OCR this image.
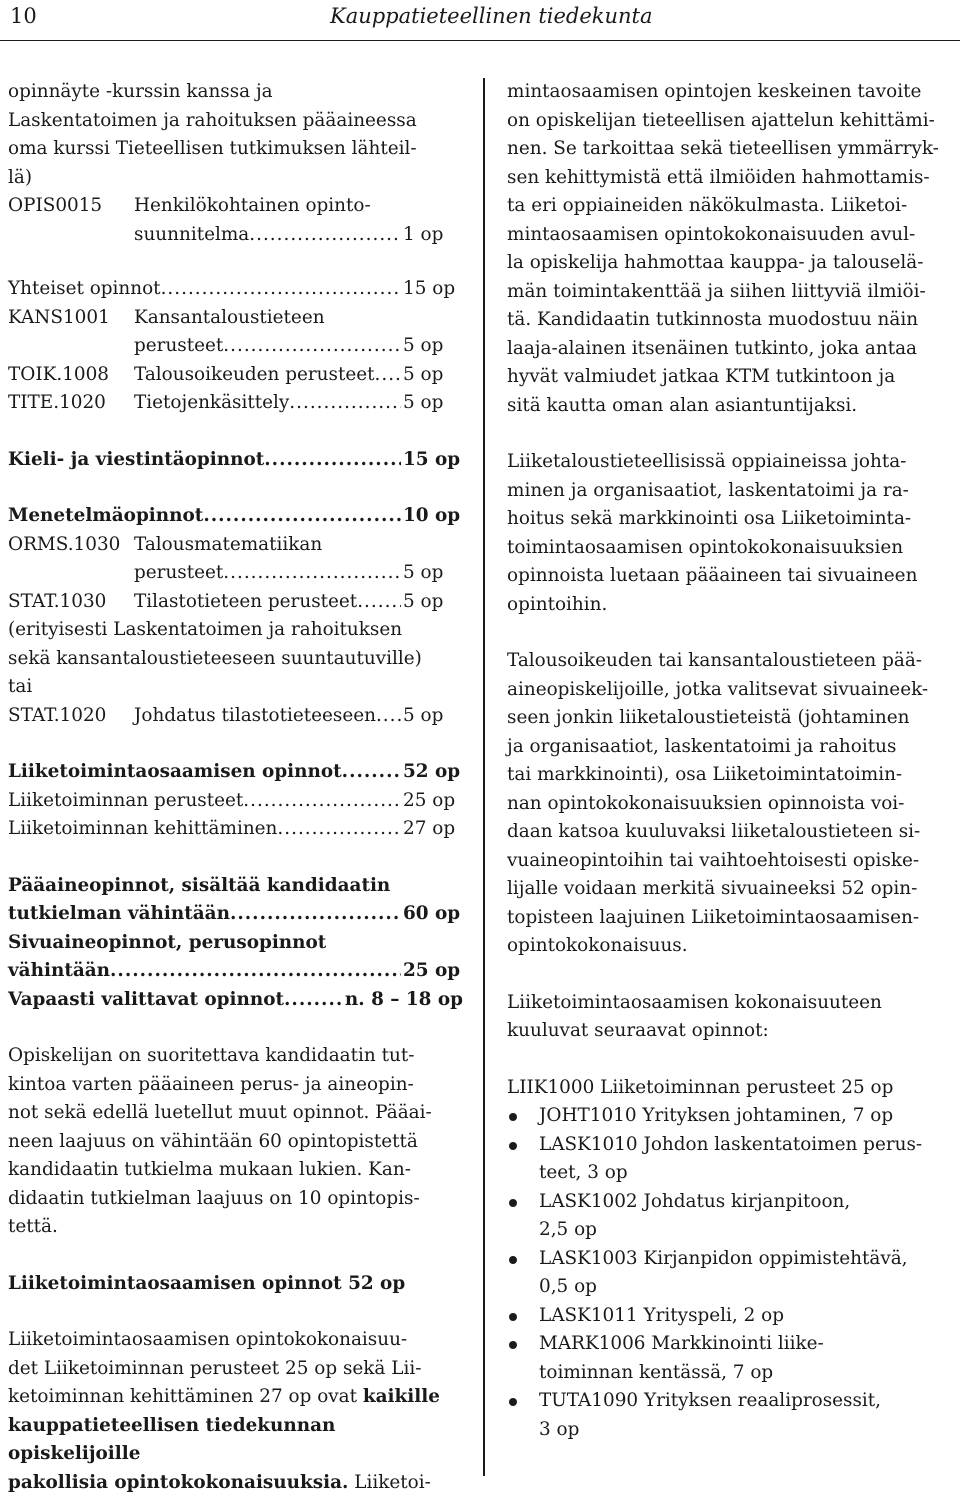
10	Kauppatieteellinen tiedekunta

opinnäyte -kurssin kanssa ja

Laskentatoimen ja rahoituksen pääaineessa

oma kurssi Tieteellisen tutkimuksen lähteil-

lä)

OPIS0015 Henkilökohtainen opinto-

suunnitelma .....	1 op
Yhteiset opinnot .....	15 op

KANS1001 Kansantaloustieteen

perusteet .....	5 op
TOIK.1008	Talousoikeuden perusteet ..... 5 op
TITE.1020	Tietojenkäsittely .....	5 op
Kieli- ja viestintäopinnot .....	15 op
Menetelmäopinnot .....	10 op

ORMS.1030 Talousmatematiikan

perusteet .....	5 op
STAT.1030	Tilastotieteen perusteet ..... 5 op

(erityisesti Laskentatoimen ja rahoituksen

sekä kansantaloustieteeseen suuntautuville)

tai

STAT.1020	Johdatus tilastotieteeseen ..... 5 op
Liiketoimintaosaamisen opinnot .....	52 op
Liiketoiminnan perusteet .....	25 op
Liiketoiminnan kehittäminen .....	27 op

Pääaineopinnot, sisältää kandidaatin

tutkielman vähintään .....	60 op

Sivuaineopinnot, perusopinnot

vähintään .....	25 op
Vapaasti valittavat opinnot .....	n. 8 – 18 op

Opiskelijan on suoritettava kandidaatin tut-

kintoa varten pääaineen perus- ja aineopin-

not sekä edellä luetellut muut opinnot. Pääai-

neen laajuus on vähintään 60 opintopistettä

kandidaatin tutkielma mukaan lukien. Kan-

didaatin tutkielman laajuus on 10 opintopis-

tettä.

Liiketoimintaosaamisen opinnot 52 op

Liiketoimintaosaamisen opintokokonaisuu-

det Liiketoiminnan perusteet 25 op sekä Lii-

ketoiminnan kehittäminen 27 op ovat kaikille

kauppatieteellisen tiedekunnan opiskelijoille

pakollisia opintokokonaisuuksia. Liiketoi-

mintaosaamisen opintojen keskeinen tavoite

on opiskelijan tieteellisen ajattelun kehittämi-

nen. Se tarkoittaa sekä tieteellisen ymmärryk-

sen kehittymistä että ilmiöiden hahmottamis-

ta eri oppiaineiden näkökulmasta. Liiketoi-

mintaosaamisen opintokokonaisuuden avul-

la opiskelija hahmottaa kauppa- ja talouselä-

män toimintakenttää ja siihen liittyviä ilmiöi-

tä. Kandidaatin tutkinnosta muodostuu näin

laaja-alainen itsenäinen tutkinto, joka antaa

hyvät valmiudet jatkaa KTM tutkintoon ja

sitä kautta oman alan asiantuntijaksi.

Liiketaloustieteellisissä oppiaineissa johta-

minen ja organisaatiot, laskentatoimi ja ra-

hoitus sekä markkinointi osa Liiketoiminta-

toimintaosaamisen opintokokonaisuuksien

opinnoista luetaan pääaineen tai sivuaineen

opintoihin.

Talousoikeuden tai kansantaloustieteen pää-

aineopiskelijoille, jotka valitsevat sivuaineek-

seen jonkin liiketaloustieteistä (johtaminen

ja organisaatiot, laskentatoimi ja rahoitus

tai markkinointi), osa Liiketoimintatoimin-

nan opintokokonaisuuksien opinnoista voi-

daan katsoa kuuluvaksi liiketaloustieteen si-

vuaineopintoihin tai vaihtoehtoisesti opiske-

lijalle voidaan merkitä sivuaineeksi 52 opin-

topisteen laajuinen Liiketoimintaosaamisen-

opintokokonaisuus.

Liiketoimintaosaamisen kokonaisuuteen

kuuluvat seuraavat opinnot:

LIIK1000 Liiketoiminnan perusteet 25 op

JOHT1010 Yrityksen johtaminen, 7 op
LASK1010 Johdon laskentatoimen perus-
teet, 3 op
LASK1002 Johdatus kirjanpitoon,
2,5 op
LASK1003 Kirjanpidon oppimistehtävä,
0,5 op
LASK1011 Yrityspeli, 2 op
MARK1006 Markkinointi liike-
toiminnan kentässä, 7 op
TUTA1090 Yrityksen reaaliprosessit,
3 op
